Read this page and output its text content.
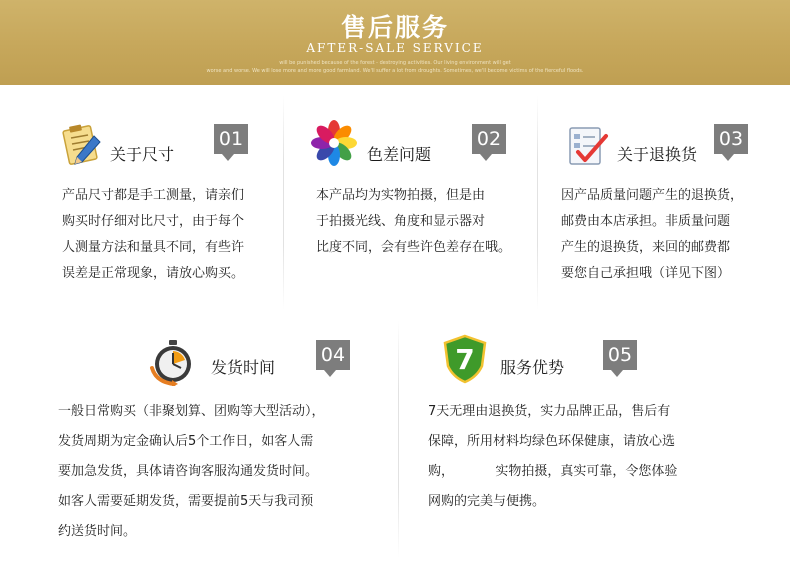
售后服务
AFTER-SALE SERVICE
will be punished because of the forest - destroying activities. Our living environment will get
worse and worse. We will lose more and more good farmland. We'll suffer a lot from droughts. Sometimes, we'll become victims of the fierceful floods.
关于尺寸
01
产品尺寸都是手工测量，请亲们
购买时仔细对比尺寸，由于每个
人测量方法和量具不同，有些许
误差是正常现象，请放心购买。
色差问题
02
本产品均为实物拍摄，但是由
于拍摄光线、角度和显示器对
比度不同，会有些许色差存在哦。
关于退换货
03
因产品质量问题产生的退换货，
邮费由本店承担。非质量问题
产生的退换货，来回的邮费都
要您自己承担哦（详见下图）
发货时间
04
一般日常购买（非聚划算、团购等大型活动），
发货周期为定金确认后5个工作日，如客人需
要加急发货，具体请咨询客服沟通发货时间。
如客人需要延期发货，需要提前5天与我司预
约送货时间。
7 服务优势
05
7天无理由退换货，实力品牌正品，售后有
保障，所用材料均绿色环保健康，请放心选
购，          实物拍摄，真实可靠，令您体验
网购的完美与便携。
